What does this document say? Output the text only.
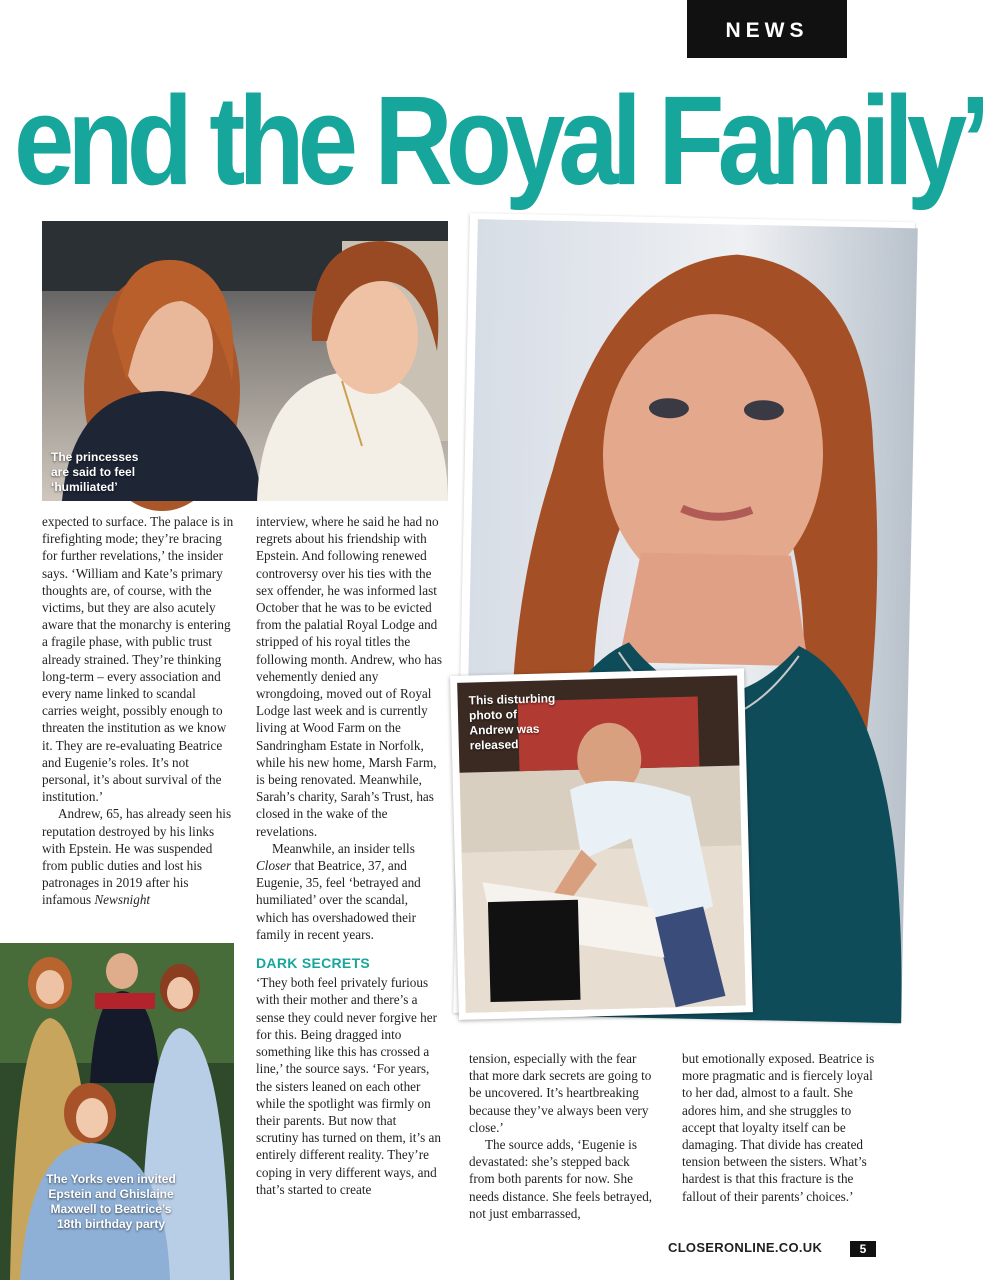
NEWS
end the Royal Family’
The princesses
are said to feel
‘humiliated’
This disturbing
photo of
Andrew was
released
The Yorks even invited
Epstein and Ghislaine
Maxwell to Beatrice’s
18th birthday party

expected to surface. The palace is in firefighting mode; they’re bracing for further revelations,’ the insider says. ‘William and Kate’s primary thoughts are, of course, with the victims, but they are also acutely aware that the monarchy is entering a fragile phase, with public trust already strained. They’re thinking long-term – every association and every name linked to scandal carries weight, possibly enough to threaten the institution as we know it. They are re-evaluating Beatrice and Eugenie’s roles. It’s not personal, it’s about survival of the institution.’

Andrew, 65, has already seen his reputation destroyed by his links with Epstein. He was suspended from public duties and lost his patronages in 2019 after his infamous Newsnight

interview, where he said he had no regrets about his friendship with Epstein. And following renewed controversy over his ties with the sex offender, he was informed last October that he was to be evicted from the palatial Royal Lodge and stripped of his royal titles the following month. Andrew, who has vehemently denied any wrongdoing, moved out of Royal Lodge last week and is currently living at Wood Farm on the Sandringham Estate in Norfolk, while his new home, Marsh Farm, is being renovated. Meanwhile, Sarah’s charity, Sarah’s Trust, has closed in the wake of the revelations.

Meanwhile, an insider tells Closer that Beatrice, 37, and Eugenie, 35, feel ‘betrayed and humiliated’ over the scandal, which has overshadowed their family in recent years.

DARK SECRETS

‘They both feel privately furious with their mother and there’s a sense they could never forgive her for this. Being dragged into something like this has crossed a line,’ the source says. ‘For years, the sisters leaned on each other while the spotlight was firmly on their parents. But now that scrutiny has turned on them, it’s an entirely different reality. They’re coping in very different ways, and that’s started to create

tension, especially with the fear that more dark secrets are going to be uncovered. It’s heartbreaking because they’ve always been very close.’

The source adds, ‘Eugenie is devastated: she’s stepped back from both parents for now. She needs distance. She feels betrayed, not just embarrassed,

but emotionally exposed. Beatrice is more pragmatic and is fiercely loyal to her dad, almost to a fault. She adores him, and she struggles to accept that loyalty itself can be damaging. That divide has created tension between the sisters. What’s hardest is that this fracture is the fallout of their parents’ choices.’

CLOSERONLINE.CO.UK	5
